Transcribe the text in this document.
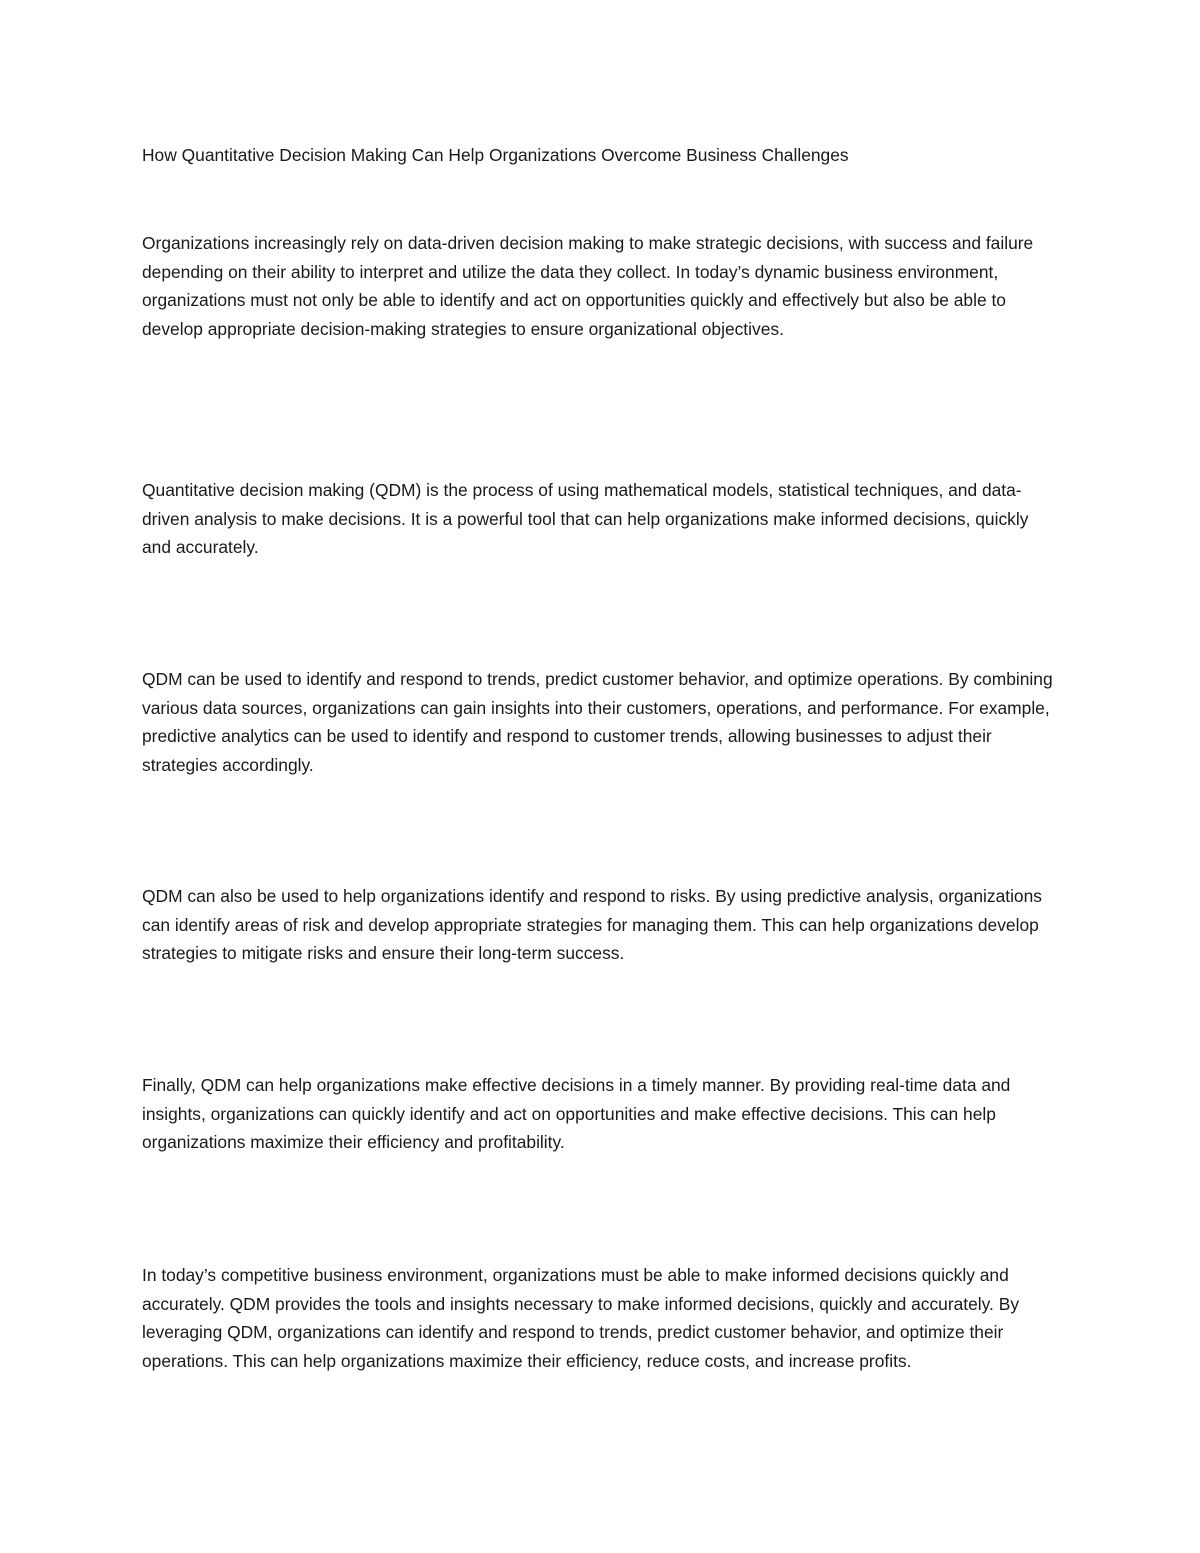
How Quantitative Decision Making Can Help Organizations Overcome Business Challenges

Organizations increasingly rely on data-driven decision making to make strategic decisions, with success and failure depending on their ability to interpret and utilize the data they collect. In today’s dynamic business environment, organizations must not only be able to identify and act on opportunities quickly and effectively but also be able to develop appropriate decision-making strategies to ensure organizational objectives.

Quantitative decision making (QDM) is the process of using mathematical models, statistical techniques, and data-driven analysis to make decisions. It is a powerful tool that can help organizations make informed decisions, quickly and accurately.

QDM can be used to identify and respond to trends, predict customer behavior, and optimize operations. By combining various data sources, organizations can gain insights into their customers, operations, and performance. For example, predictive analytics can be used to identify and respond to customer trends, allowing businesses to adjust their strategies accordingly.

QDM can also be used to help organizations identify and respond to risks. By using predictive analysis, organizations can identify areas of risk and develop appropriate strategies for managing them. This can help organizations develop strategies to mitigate risks and ensure their long-term success.

Finally, QDM can help organizations make effective decisions in a timely manner. By providing real-time data and insights, organizations can quickly identify and act on opportunities and make effective decisions. This can help organizations maximize their efficiency and profitability.

In today’s competitive business environment, organizations must be able to make informed decisions quickly and accurately. QDM provides the tools and insights necessary to make informed decisions, quickly and accurately. By leveraging QDM, organizations can identify and respond to trends, predict customer behavior, and optimize their operations. This can help organizations maximize their efficiency, reduce costs, and increase profits.
